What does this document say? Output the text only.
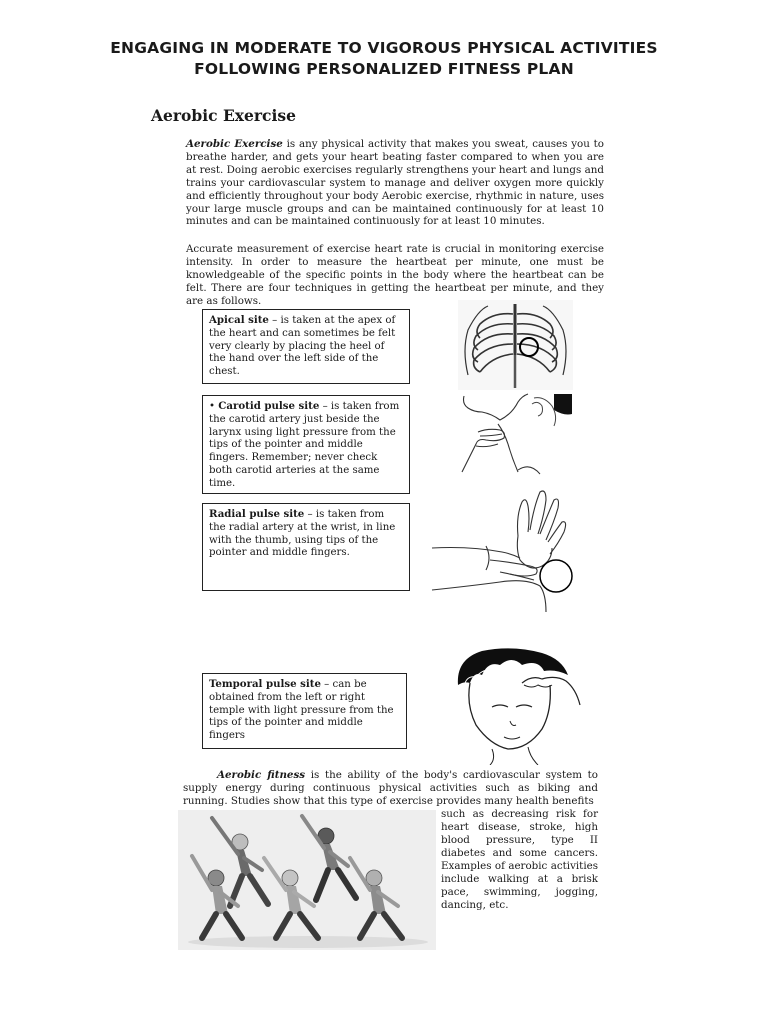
ENGAGING IN MODERATE TO VIGOROUS PHYSICAL ACTIVITIES
FOLLOWING PERSONALIZED FITNESS PLAN
Aerobic Exercise

Aerobic Exercise is any physical activity that makes you sweat, causes you to breathe harder, and gets your heart beating faster compared to when you are at rest. Doing aerobic exercises regularly strengthens your heart and lungs and trains your cardiovascular system to manage and deliver oxygen more quickly and efficiently throughout your body Aerobic exercise, rhythmic in nature, uses your large muscle groups and can be maintained continuously for at least 10 minutes and can be maintained continuously for at least 10 minutes.

Accurate measurement of exercise heart rate is crucial in monitoring exercise intensity. In order to measure the heartbeat per minute, one must be knowledgeable of the specific points in the body where the heartbeat can be felt. There are four techniques in getting the heartbeat per minute, and they are as follows.

Apical site – is taken at the apex of the heart and can sometimes be felt very clearly by placing the heel of the hand over the left side of the chest.
• Carotid pulse site – is taken from the carotid artery just beside the larynx using light pressure from the tips of the pointer and middle fingers. Remember; never check both carotid arteries at the same time.
Radial pulse site – is taken from the radial artery at the wrist, in line with the thumb, using tips of the pointer and middle fingers.
Temporal pulse site – can be obtained from the left or right temple with light pressure from the tips of the pointer and middle fingers

Aerobic fitness is the ability of the body's cardiovascular system to supply energy during continuous physical activities such as biking and running. Studies show that this type of exercise provides many health benefits

such as decreasing risk for heart disease, stroke, high blood pressure, type II diabetes and some cancers. Examples of aerobic activities include walking at a brisk pace, swimming, jogging, dancing, etc.
